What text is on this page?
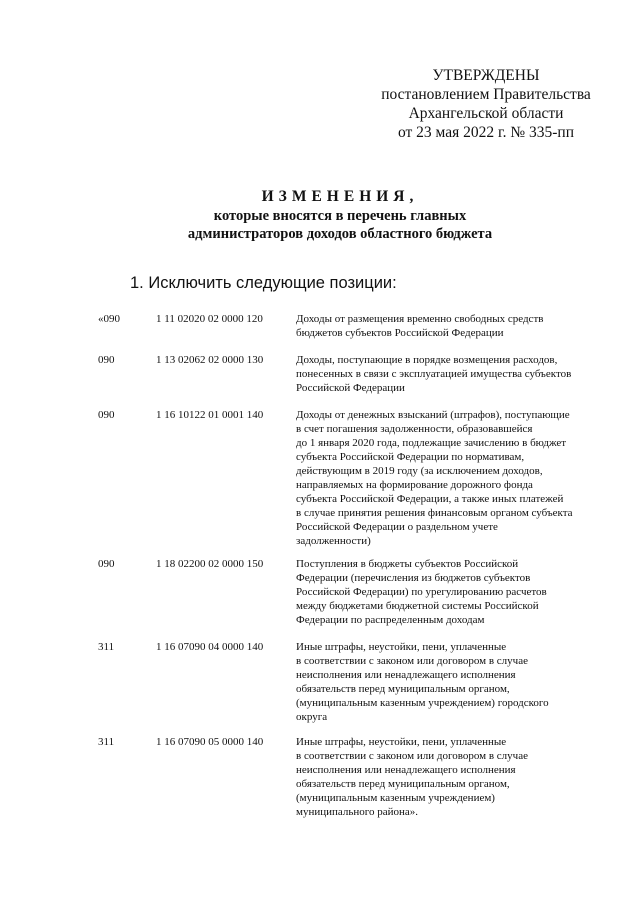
УТВЕРЖДЕНЫ
постановлением Правительства
Архангельской области
от 23 мая 2022 г. № 335-пп
ИЗМЕНЕНИЯ,
которые вносятся в перечень главных
администраторов доходов областного бюджета
1. Исключить следующие позиции:
«090	1 11 02020 02 0000 120	Доходы от размещения временно свободных средств
бюджетов субъектов Российской Федерации
090	1 13 02062 02 0000 130	Доходы, поступающие в порядке возмещения расходов,
понесенных в связи с эксплуатацией имущества субъектов
Российской Федерации
090	1 16 10122 01 0001 140	Доходы от денежных взысканий (штрафов), поступающие
в счет погашения задолженности, образовавшейся
до 1 января 2020 года, подлежащие зачислению в бюджет
субъекта Российской Федерации по нормативам,
действующим в 2019 году (за исключением доходов,
направляемых на формирование дорожного фонда
субъекта Российской Федерации, а также иных платежей
в случае принятия решения финансовым органом субъекта
Российской Федерации о раздельном учете
задолженности)
090	1 18 02200 02 0000 150	Поступления в бюджеты субъектов Российской
Федерации (перечисления из бюджетов субъектов
Российской Федерации) по урегулированию расчетов
между бюджетами бюджетной системы Российской
Федерации по распределенным доходам
311	1 16 07090 04 0000 140	Иные штрафы, неустойки, пени, уплаченные
в соответствии с законом или договором в случае
неисполнения или ненадлежащего исполнения
обязательств перед муниципальным органом,
(муниципальным казенным учреждением) городского
округа
311	1 16 07090 05 0000 140	Иные штрафы, неустойки, пени, уплаченные
в соответствии с законом или договором в случае
неисполнения или ненадлежащего исполнения
обязательств перед муниципальным органом,
(муниципальным казенным учреждением)
муниципального района».
